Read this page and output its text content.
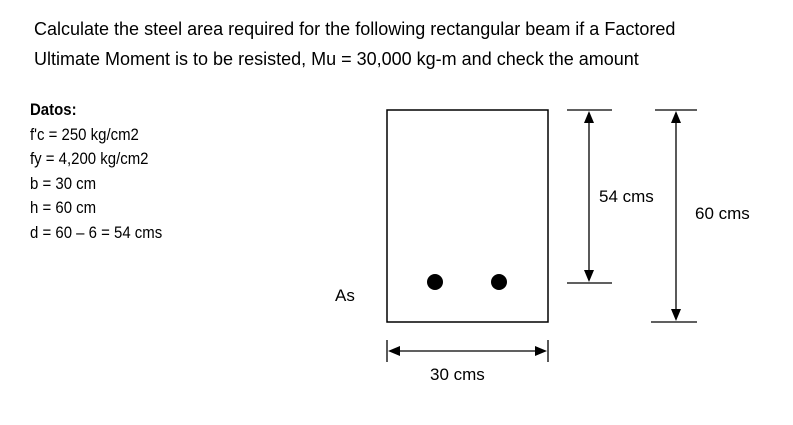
Calculate the steel area required for the following rectangular beam if a Factored
Ultimate Moment is to be resisted, Mu = 30,000 kg-m and check the amount
Datos:
f'c = 250 kg/cm2
fy = 4,200 kg/cm2
b = 30 cm
h = 60 cm
d = 60 – 6 = 54 cms
As
30 cms
54 cms
60 cms
